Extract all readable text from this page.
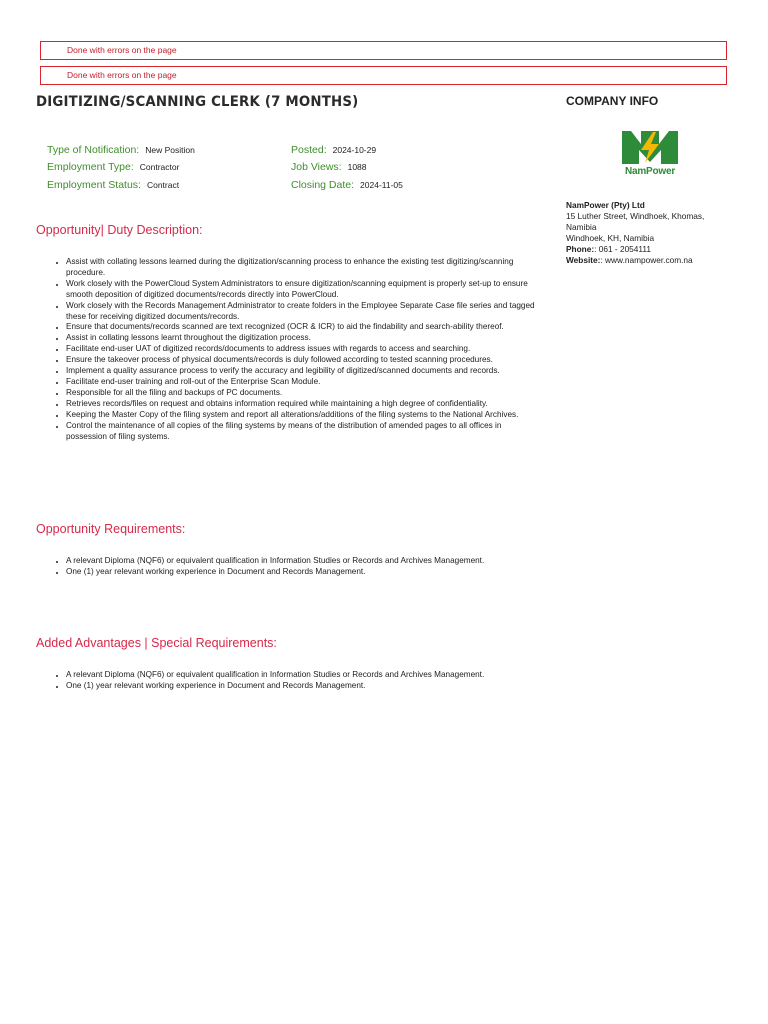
Done with errors on the page
Done with errors on the page
DIGITIZING/SCANNING CLERK (7 MONTHS)
Type of Notification: New Position
Employment Type: Contractor
Employment Status: Contract
Posted: 2024-10-29
Job Views: 1088
Closing Date: 2024-11-05
Opportunity| Duty Description:
• Assist with collating lessons learned during the digitization/scanning process to enhance the existing test digitizing/scanning procedure.
• Work closely with the PowerCloud System Administrators to ensure digitization/scanning equipment is properly set-up to ensure smooth deposition of digitized documents/records directly into PowerCloud.
• Work closely with the Records Management Administrator to create folders in the Employee Separate Case file series and tagged these for receiving digitized documents/records.
• Ensure that documents/records scanned are text recognized (OCR & ICR) to aid the findability and search-ability thereof.
• Assist in collating lessons learnt throughout the digitization process.
• Facilitate end-user UAT of digitized records/documents to address issues with regards to access and searching.
• Ensure the takeover process of physical documents/records is duly followed according to tested scanning procedures.
• Implement a quality assurance process to verify the accuracy and legibility of digitized/scanned documents and records.
• Facilitate end-user training and roll-out of the Enterprise Scan Module.
• Responsible for all the filing and backups of PC documents.
• Retrieves records/files on request and obtains information required while maintaining a high degree of confidentiality.
• Keeping the Master Copy of the filing system and report all alterations/additions of the filing systems to the National Archives.
• Control the maintenance of all copies of the filing systems by means of the distribution of amended pages to all offices in possession of filing systems.
Opportunity Requirements:
• A relevant Diploma (NQF6) or equivalent qualification in Information Studies or Records and Archives Management.
• One (1) year relevant working experience in Document and Records Management.
Added Advantages | Special Requirements:
• A relevant Diploma (NQF6) or equivalent qualification in Information Studies or Records and Archives Management.
• One (1) year relevant working experience in Document and Records Management.
COMPANY INFO
NamPower
NamPower (Pty) Ltd
15 Luther Street, Windhoek, Khomas, Namibia
Windhoek, KH, Namibia
Phone:: 061 - 2054111
Website:: www.nampower.com.na
